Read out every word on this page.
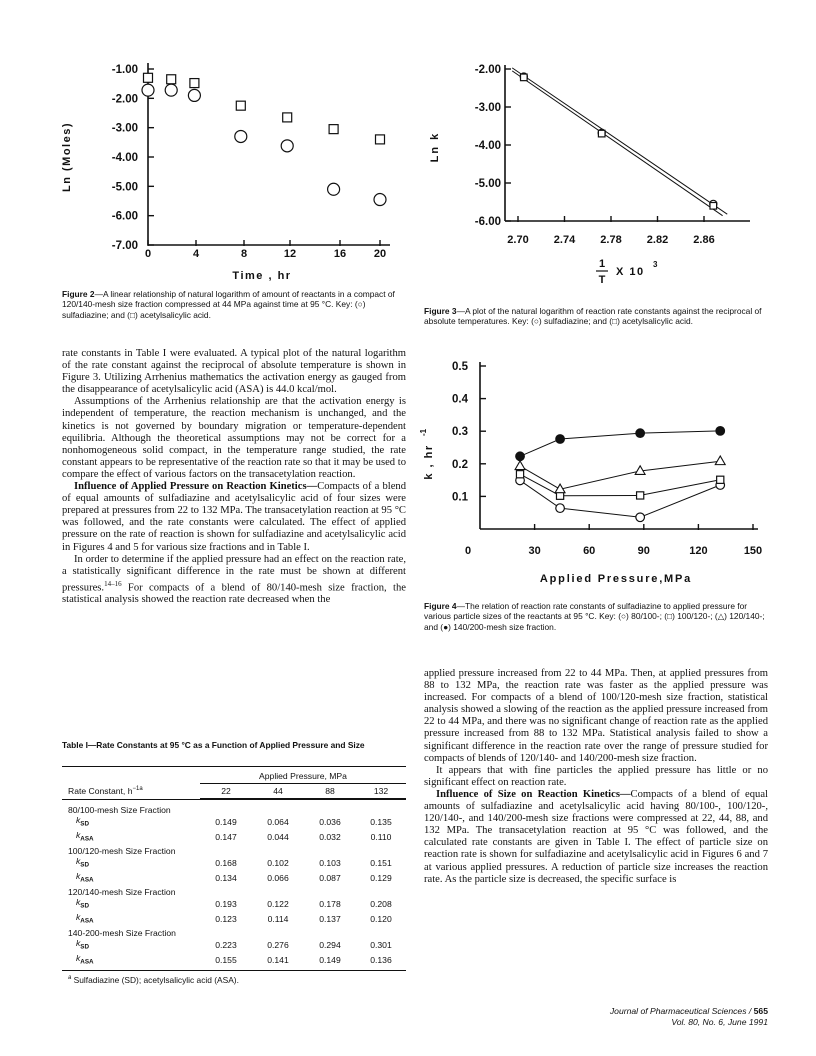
-1.00
-2.00
-3.00
-4.00
-5.00
-6.00
-7.00
0	4	8	12	16	20
Time , hr
Ln (Moles)
Figure 2—A linear relationship of natural logarithm of amount of reactants in a compact of 120/140-mesh size fraction compressed at 44 MPa against time at 95 °C. Key: (○) sulfadiazine; and (□) acetylsalicylic acid.
-2.00
-3.00
-4.00
-5.00
-6.00
2.70 2.74 2.78 2.82 2.86
Ln k
1
T
X 10
3
Figure 3—A plot of the natural logarithm of reaction rate constants against the reciprocal of absolute temperatures. Key: (○) sulfadiazine; and (□) acetylsalicylic acid.
0.5
0.4
0.3
0.2
0.1
0	30	60	90	120	150
Applied Pressure,MPa
k , hr
-1
Figure 4—The relation of reaction rate constants of sulfadiazine to applied pressure for various particle sizes of the reactants at 95 °C. Key: (○) 80/100-; (□) 100/120-; (△) 120/140-; and (●) 140/200-mesh size fraction.

rate constants in Table I were evaluated. A typical plot of the natural logarithm of the rate constant against the reciprocal of absolute temperature is shown in Figure 3. Utilizing Arrhenius mathematics the activation energy as gauged from the disappearance of acetylsalicylic acid (ASA) is 44.0 kcal/mol.

Assumptions of the Arrhenius relationship are that the activation energy is independent of temperature, the reaction mechanism is unchanged, and the kinetics is not governed by boundary migration or temperature-dependent equilibria. Although the theoretical assumptions may not be correct for a nonhomogeneous solid compact, in the temperature range studied, the rate constant appears to be representative of the reaction rate so that it may be used to compare the effect of various factors on the transacetylation reaction.

Influence of Applied Pressure on Reaction Kinetics—Compacts of a blend of equal amounts of sulfadiazine and acetylsalicylic acid of four sizes were prepared at pressures from 22 to 132 MPa. The transacetylation reaction at 95 °C was followed, and the rate constants were calculated. The effect of applied pressure on the rate of reaction is shown for sulfadiazine and acetylsalicylic acid in Figures 4 and 5 for various size fractions and in Table I.

In order to determine if the applied pressure had an effect on the reaction rate, a statistically significant difference in the rate must be shown at different pressures.$^{14-16}$ For compacts of a blend of 80/140-mesh size fraction, the statistical analysis showed the reaction rate decreased when the

Table I—Rate Constants at 95 °C as a Function of Applied Pressure and Size
Rate Constant, $h^{-1a}$	Applied Pressure, MPa			
	22	44	88	132

80/100-mesh Size Fraction				
$k_{SD}$	0.149	0.064	0.036	0.135
$k_{ASA}$	0.147	0.044	0.032	0.110
100/120-mesh Size Fraction				
$k_{SD}$	0.168	0.102	0.103	0.151
$k_{ASA}$	0.134	0.066	0.087	0.129
120/140-mesh Size Fraction				
$k_{SD}$	0.193	0.122	0.178	0.208
$k_{ASA}$	0.123	0.114	0.137	0.120
140-200-mesh Size Fraction				
$k_{SD}$	0.223	0.276	0.294	0.301
$k_{ASA}$	0.155	0.141	0.149	0.136
$^a$ Sulfadiazine (SD); acetylsalicylic acid (ASA).

applied pressure increased from 22 to 44 MPa. Then, at applied pressures from 88 to 132 MPa, the reaction rate was faster as the applied pressure was increased. For compacts of a blend of 100/120-mesh size fraction, statistical analysis showed a slowing of the reaction as the applied pressure increased from 22 to 44 MPa, and there was no significant change of reaction rate as the applied pressure increased from 88 to 132 MPa. Statistical analysis failed to show a significant difference in the reaction rate over the range of pressure studied for compacts of blends of 120/140- and 140/200-mesh size fraction.

It appears that with fine particles the applied pressure has little or no significant effect on reaction rate.

Influence of Size on Reaction Kinetics—Compacts of a blend of equal amounts of sulfadiazine and acetylsalicylic acid having 80/100-, 100/120-, 120/140-, and 140/200-mesh size fractions were compressed at 22, 44, 88, and 132 MPa. The transacetylation reaction at 95 °C was followed, and the calculated rate constants are given in Table I. The effect of particle size on reaction rate is shown for sulfadiazine and acetylsalicylic acid in Figures 6 and 7 at various applied pressures. A reduction of particle size increases the reaction rate. As the particle size is decreased, the specific surface is

Journal of Pharmaceutical Sciences / 565
Vol. 80, No. 6, June 1991
